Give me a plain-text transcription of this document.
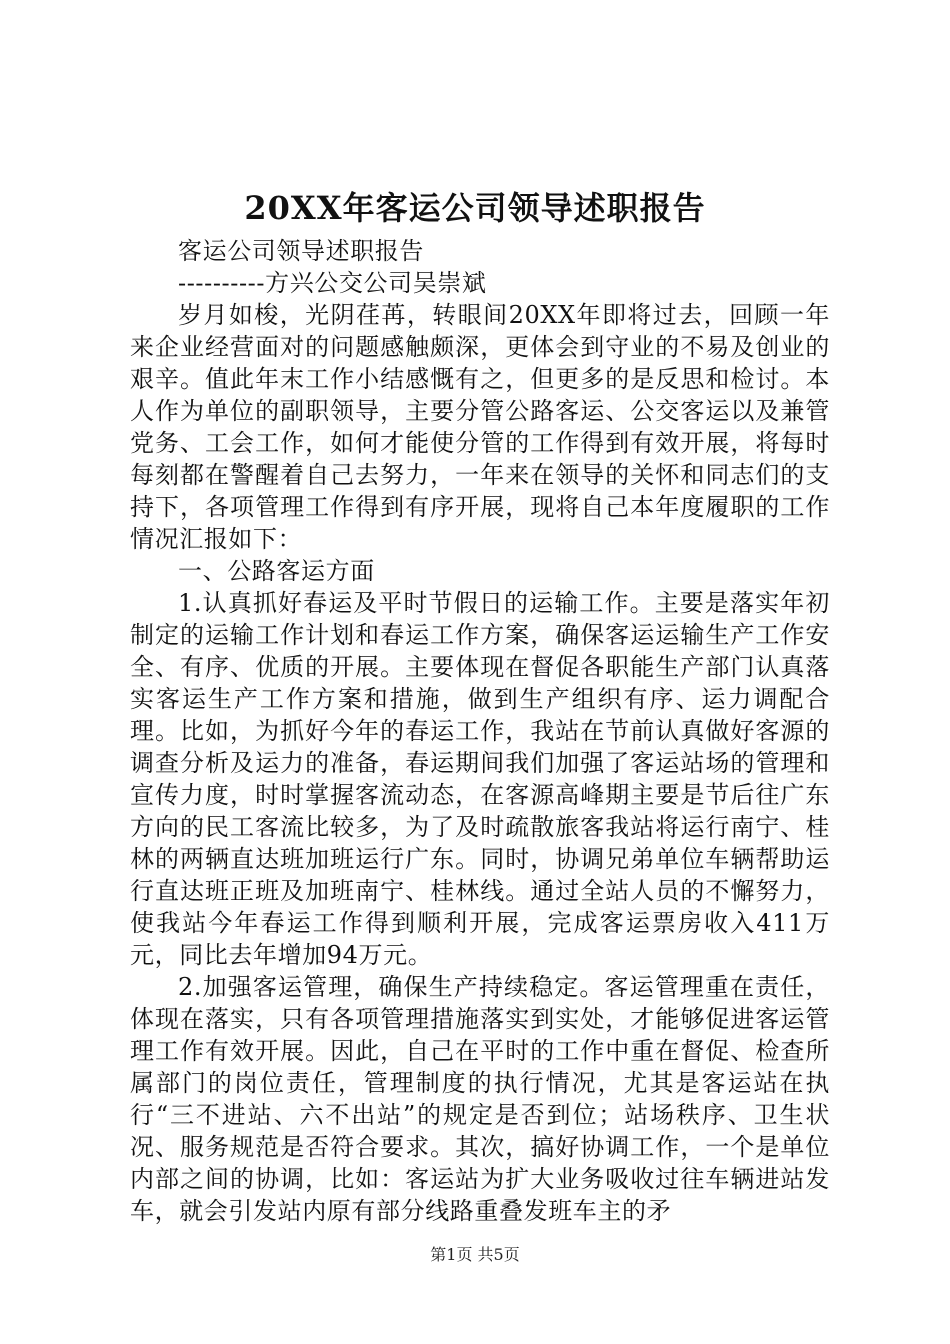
20XX年客运公司领导述职报告

客运公司领导述职报告

----------方兴公交公司吴崇斌

岁月如梭，光阴荏苒，转眼间20XX年即将过去，回顾一年来企业经营面对的问题感触颇深，更体会到守业的不易及创业的艰辛。值此年末工作小结感慨有之，但更多的是反思和检讨。本人作为单位的副职领导，主要分管公路客运、公交客运以及兼管党务、工会工作，如何才能使分管的工作得到有效开展，将每时每刻都在警醒着自己去努力，一年来在领导的关怀和同志们的支持下，各项管理工作得到有序开展，现将自己本年度履职的工作情况汇报如下：

一、公路客运方面

1.认真抓好春运及平时节假日的运输工作。主要是落实年初制定的运输工作计划和春运工作方案，确保客运运输生产工作安全、有序、优质的开展。主要体现在督促各职能生产部门认真落实客运生产工作方案和措施，做到生产组织有序、运力调配合理。比如，为抓好今年的春运工作，我站在节前认真做好客源的调查分析及运力的准备，春运期间我们加强了客运站场的管理和宣传力度，时时掌握客流动态，在客源高峰期主要是节后往广东方向的民工客流比较多，为了及时疏散旅客我站将运行南宁、桂林的两辆直达班加班运行广东。同时，协调兄弟单位车辆帮助运行直达班正班及加班南宁、桂林线。通过全站人员的不懈努力，使我站今年春运工作得到顺利开展，完成客运票房收入411万元，同比去年增加94万元。

2.加强客运管理，确保生产持续稳定。客运管理重在责任，体现在落实，只有各项管理措施落实到实处，才能够促进客运管理工作有效开展。因此，自己在平时的工作中重在督促、检查所属部门的岗位责任，管理制度的执行情况，尤其是客运站在执行“三不进站、六不出站”的规定是否到位；站场秩序、卫生状况、服务规范是否符合要求。其次，搞好协调工作，一个是单位内部之间的协调，比如：客运站为扩大业务吸收过往车辆进站发车，就会引发站内原有部分线路重叠发班车主的矛

第1页 共5页
